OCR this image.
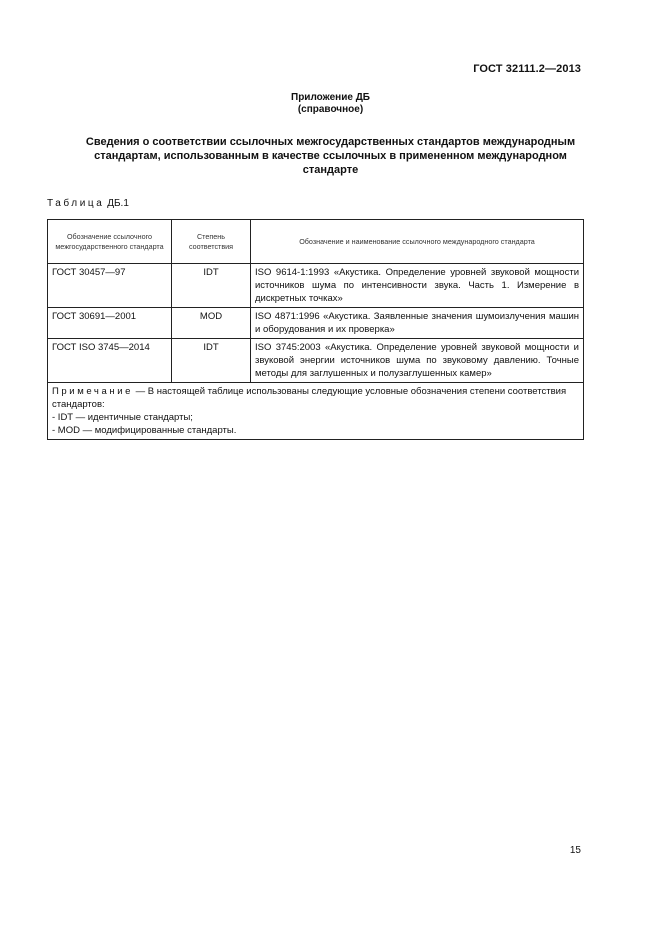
ГОСТ 32111.2—2013
Приложение ДБ
(справочное)
Сведения о соответствии ссылочных межгосударственных стандартов международным
стандартам, использованным в качестве ссылочных в примененном международном
стандарте
Таблица ДБ.1
Обозначение ссылочного межгосударственного стандарта	Степень соответствия	Обозначение и наименование ссылочного международного стандарта
ГОСТ 30457—97	IDT	ISO 9614-1:1993 «Акустика. Определение уровней звуковой мощности источников шума по интенсивности звука. Часть 1. Измерение в дискретных точках»
ГОСТ 30691—2001	MOD	ISO 4871:1996 «Акустика. Заявленные значения шумоизлучения машин и оборудования и их проверка»
ГОСТ ISO 3745—2014	IDT	ISO 3745:2003 «Акустика. Определение уровней звуковой мощности и звуковой энергии источников шума по звуковому давлению. Точные методы для заглушенных и полузаглушенных камер»

Примечание — В настоящей таблице использованы следующие условные обозначения степени соответствия стандартов:
- IDT — идентичные стандарты;
- MOD — модифицированные стандарты.		
15
